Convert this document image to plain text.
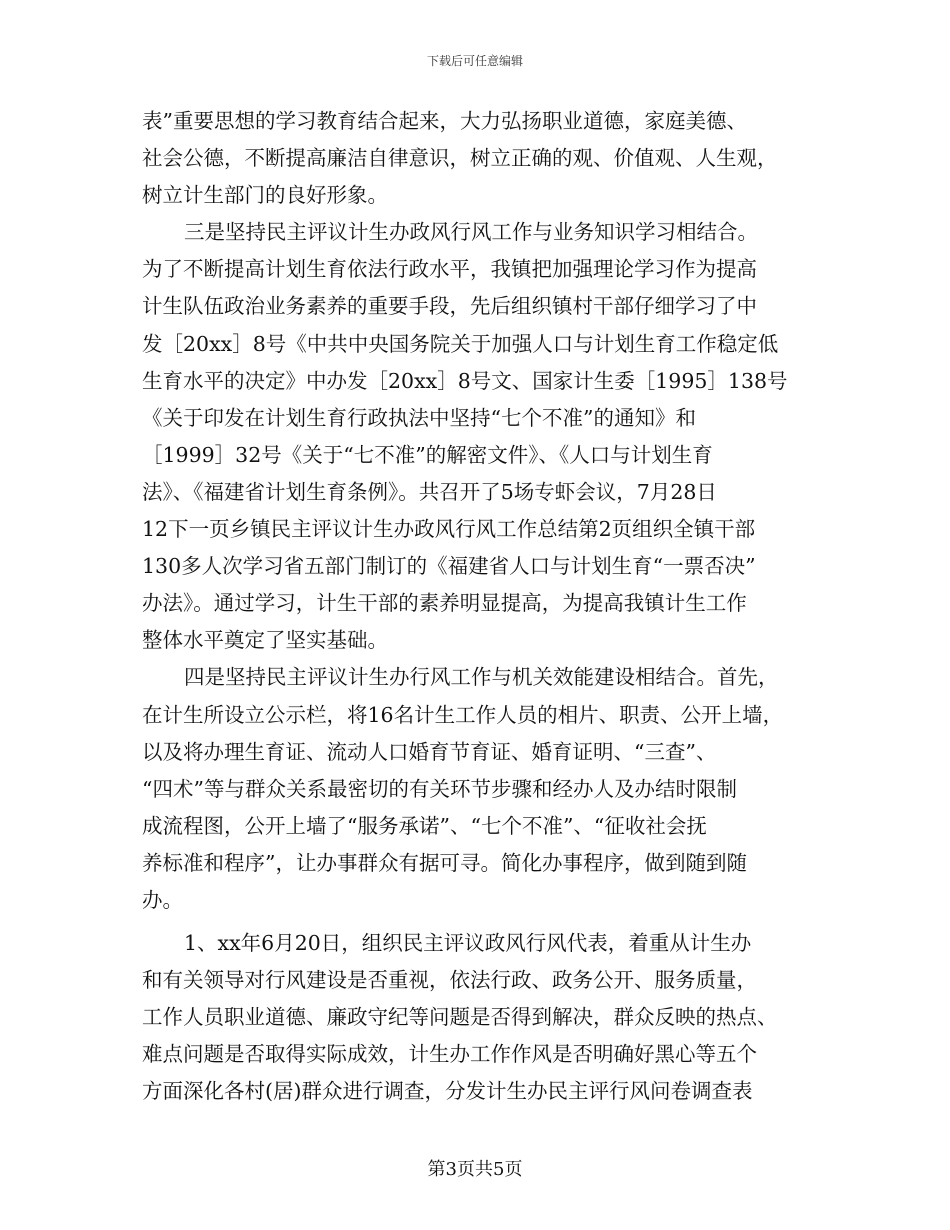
下载后可任意编辑

表”重要思想的学习教育结合起来，大力弘扬职业道德，家庭美德、
社会公德，不断提高廉洁自律意识，树立正确的观、价值观、人生观，
树立计生部门的良好形象。

三是坚持民主评议计生办政风行风工作与业务知识学习相结合。
为了不断提高计划生育依法行政水平，我镇把加强理论学习作为提高
计生队伍政治业务素养的重要手段，先后组织镇村干部仔细学习了中
发［20xx］8号《中共中央国务院关于加强人口与计划生育工作稳定低
生育水平的决定》中办发［20xx］8号文、国家计生委［1995］138号
《关于印发在计划生育行政执法中坚持“七个不准”的通知》和
［1999］32号《关于“七不准”的解密文件》、《人口与计划生育
法》、《福建省计划生育条例》。共召开了5场专虾会议，7月28日
12下一页乡镇民主评议计生办政风行风工作总结第2页组织全镇干部
130多人次学习省五部门制订的《福建省人口与计划生育“一票否决”
办法》。通过学习，计生干部的素养明显提高，为提高我镇计生工作
整体水平奠定了坚实基础。

四是坚持民主评议计生办行风工作与机关效能建设相结合。首先，
在计生所设立公示栏，将16名计生工作人员的相片、职责、公开上墙，
以及将办理生育证、流动人口婚育节育证、婚育证明、“三查”、
“四术”等与群众关系最密切的有关环节步骤和经办人及办结时限制
成流程图，公开上墙了“服务承诺”、“七个不准”、“征收社会抚
养标准和程序”，让办事群众有据可寻。简化办事程序，做到随到随
办。

1、xx年6月20日，组织民主评议政风行风代表，着重从计生办
和有关领导对行风建设是否重视，依法行政、政务公开、服务质量，
工作人员职业道德、廉政守纪等问题是否得到解决，群众反映的热点、
难点问题是否取得实际成效，计生办工作作风是否明确好黑心等五个
方面深化各村(居)群众进行调查，分发计生办民主评行风问卷调查表

第3页共5页
